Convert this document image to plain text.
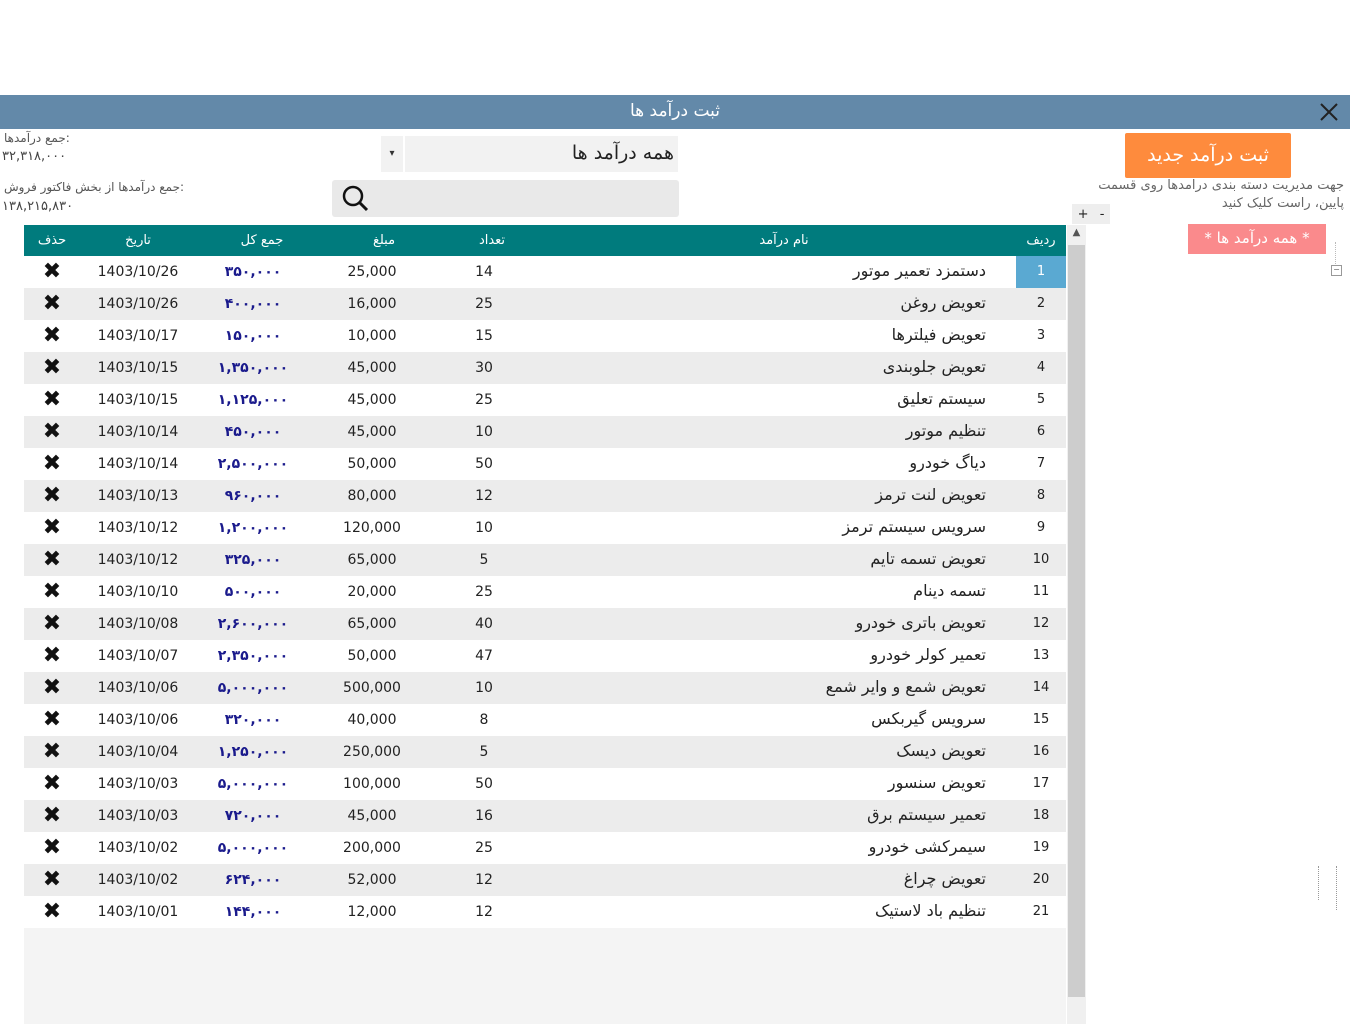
ثبت درآمد ها
جمع درآمدها:
۳۲,۳۱۸,۰۰۰
جمع درآمدها از بخش فاکتور فروش:
۱۳۸,۲۱۵,۸۳۰
▾	همه درآمد ها	ثبت درآمد جدید
جهت مدیریت دسته بندی درامدها روی قسمت پایین، راست کلیک کنید
+ -
* همه درآمد ها *
−
حذف	تاریخ	جمع کل	مبلغ	تعداد	نام درآمد	ردیف
✖	1403/10/26	۳۵۰,۰۰۰	25,000	14	دستمزد تعمیر موتور	1
✖	1403/10/26	۴۰۰,۰۰۰	16,000	25	تعویض روغن	2
✖	1403/10/17	۱۵۰,۰۰۰	10,000	15	تعویض فیلترها	3
✖	1403/10/15	۱,۳۵۰,۰۰۰	45,000	30	تعویض جلوبندی	4
✖	1403/10/15	۱,۱۲۵,۰۰۰	45,000	25	سیستم تعلیق	5
✖	1403/10/14	۴۵۰,۰۰۰	45,000	10	تنظیم موتور	6
✖	1403/10/14	۲,۵۰۰,۰۰۰	50,000	50	دیاگ خودرو	7
✖	1403/10/13	۹۶۰,۰۰۰	80,000	12	تعویض لنت ترمز	8
✖	1403/10/12	۱,۲۰۰,۰۰۰	120,000	10	سرویس سیستم ترمز	9
✖	1403/10/12	۳۲۵,۰۰۰	65,000	5	تعویض تسمه تایم	10
✖	1403/10/10	۵۰۰,۰۰۰	20,000	25	تسمه دینام	11
✖	1403/10/08	۲,۶۰۰,۰۰۰	65,000	40	تعویض باتری خودرو	12
✖	1403/10/07	۲,۳۵۰,۰۰۰	50,000	47	تعمیر کولر خودرو	13
✖	1403/10/06	۵,۰۰۰,۰۰۰	500,000	10	تعویض شمع و وایر شمع	14
✖	1403/10/06	۳۲۰,۰۰۰	40,000	8	سرویس گیربکس	15
✖	1403/10/04	۱,۲۵۰,۰۰۰	250,000	5	تعویض دیسک	16
✖	1403/10/03	۵,۰۰۰,۰۰۰	100,000	50	تعویض سنسور	17
✖	1403/10/03	۷۲۰,۰۰۰	45,000	16	تعمیر سیستم برق	18
✖	1403/10/02	۵,۰۰۰,۰۰۰	200,000	25	سیمرکشی خودرو	19
✖	1403/10/02	۶۲۴,۰۰۰	52,000	12	تعویض چراغ	20
✖	1403/10/01	۱۴۴,۰۰۰	12,000	12	تنظیم باد لاستیک	21
▲
